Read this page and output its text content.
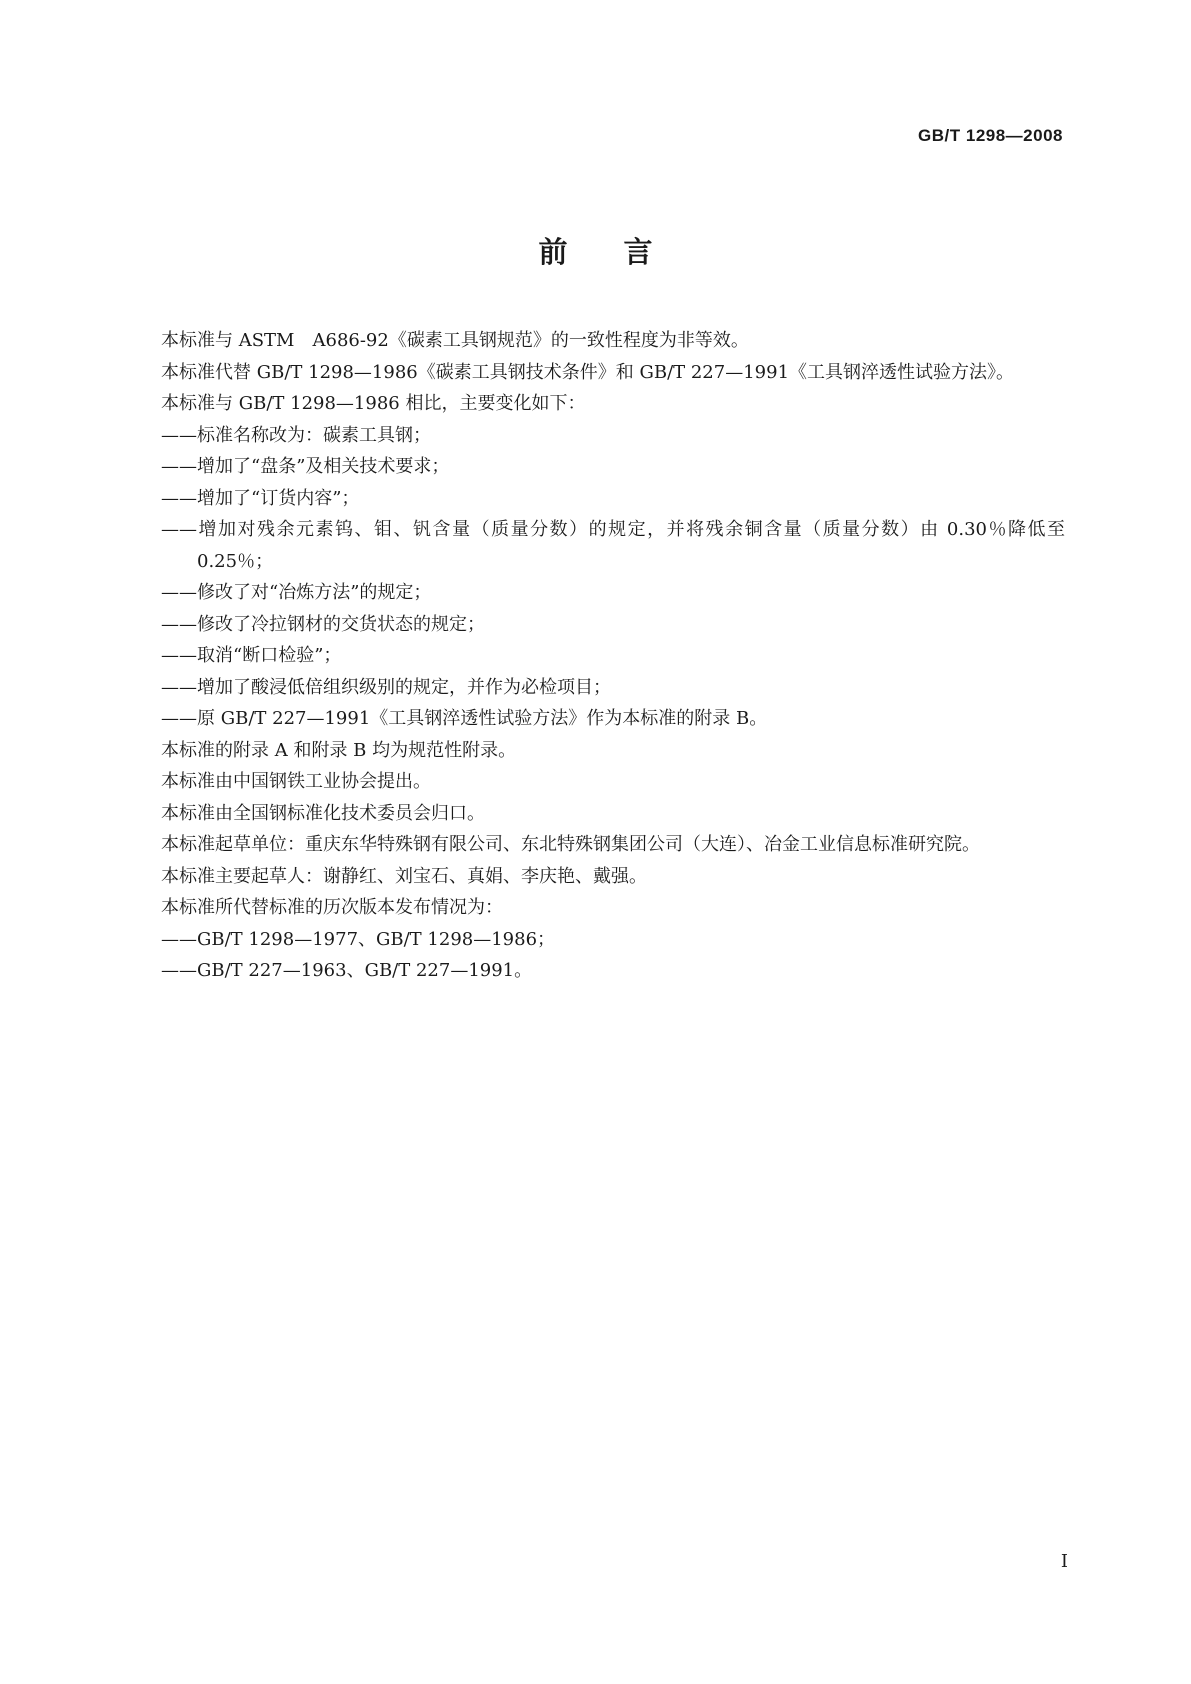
GB/T 1298—2008
前言

本标准与 ASTM　A686-92《碳素工具钢规范》的一致性程度为非等效。

本标准代替 GB/T 1298—1986《碳素工具钢技术条件》和 GB/T 227—1991《工具钢淬透性试验方法》。

本标准与 GB/T 1298—1986 相比，主要变化如下：

——标准名称改为：碳素工具钢；

——增加了“盘条”及相关技术要求；

——增加了“订货内容”；

——增加对残余元素钨、钼、钒含量（质量分数）的规定，并将残余铜含量（质量分数）由 0.30％降低至 0.25％；

——修改了对“冶炼方法”的规定；

——修改了冷拉钢材的交货状态的规定；

——取消“断口检验”；

——增加了酸浸低倍组织级别的规定，并作为必检项目；

——原 GB/T 227—1991《工具钢淬透性试验方法》作为本标准的附录 B。

本标准的附录 A 和附录 B 均为规范性附录。

本标准由中国钢铁工业协会提出。

本标准由全国钢标准化技术委员会归口。

本标准起草单位：重庆东华特殊钢有限公司、东北特殊钢集团公司（大连）、冶金工业信息标准研究院。

本标准主要起草人：谢静红、刘宝石、真娟、李庆艳、戴强。

本标准所代替标准的历次版本发布情况为：

——GB/T 1298—1977、GB/T 1298—1986；

——GB/T 227—1963、GB/T 227—1991。

I
